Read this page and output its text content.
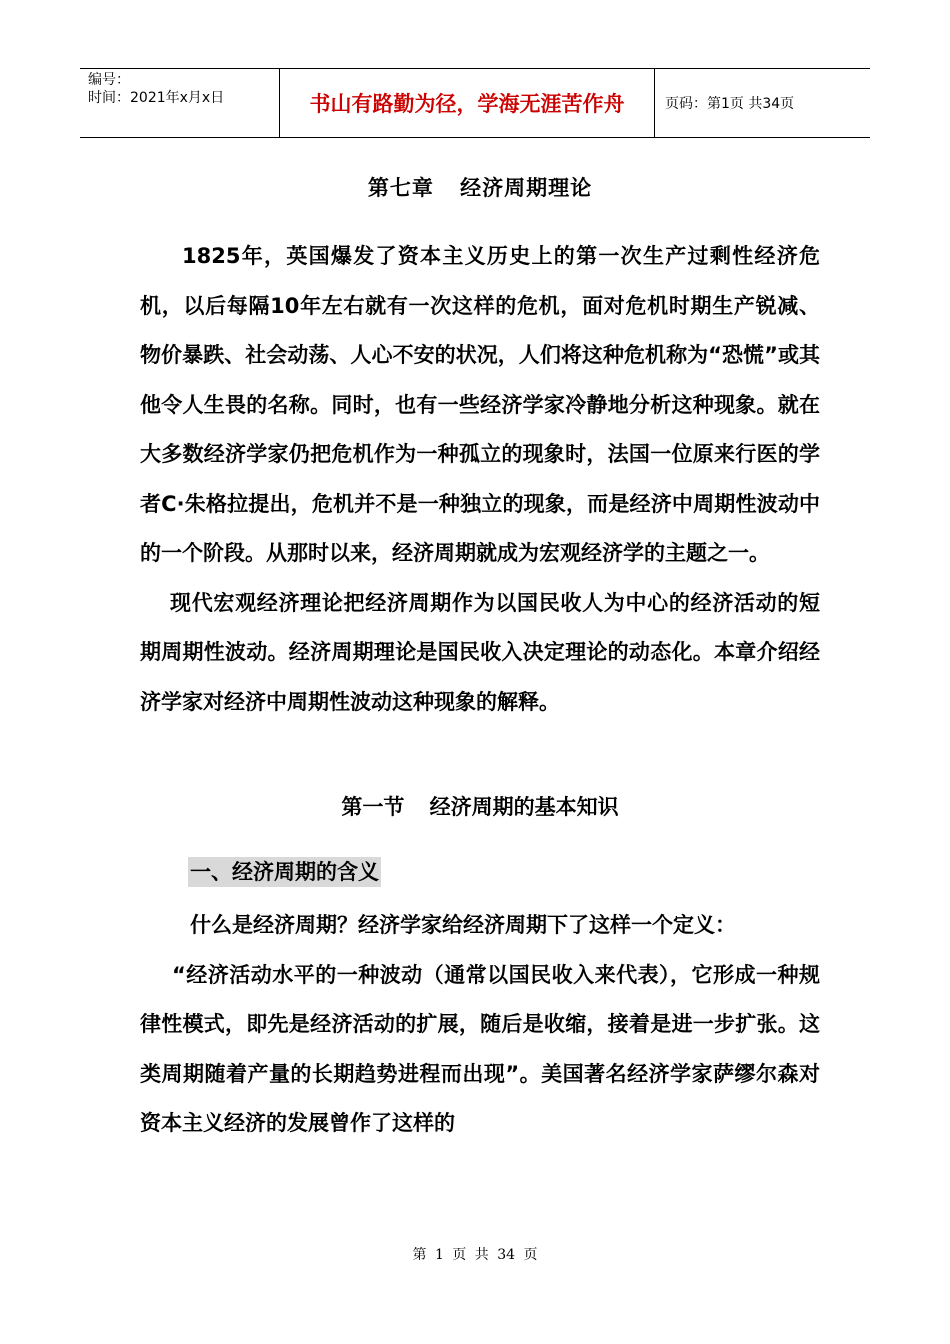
编号：
时间：2021年x月x日	书山有路勤为径，学海无涯苦作舟	页码：第1页 共34页
第七章 经济周期理论

1825年，英国爆发了资本主义历史上的第一次生产过剩性经济危机，以后每隔10年左右就有一次这样的危机，面对危机时期生产锐减、物价暴跌、社会动荡、人心不安的状况，人们将这种危机称为“恐慌”或其他令人生畏的名称。同时，也有一些经济学家冷静地分析这种现象。就在大多数经济学家仍把危机作为一种孤立的现象时，法国一位原来行医的学者C·朱格拉提出，危机并不是一种独立的现象，而是经济中周期性波动中的一个阶段。从那时以来，经济周期就成为宏观经济学的主题之一。

现代宏观经济理论把经济周期作为以国民收人为中心的经济活动的短期周期性波动。经济周期理论是国民收入决定理论的动态化。本章介绍经济学家对经济中周期性波动这种现象的解释。

第一节 经济周期的基本知识
一、经济周期的含义

什么是经济周期？经济学家给经济周期下了这样一个定义：

“经济活动水平的一种波动（通常以国民收入来代表），它形成一种规律性模式，即先是经济活动的扩展，随后是收缩，接着是进一步扩张。这类周期随着产量的长期趋势进程而出现”。美国著名经济学家萨缪尔森对资本主义经济的发展曾作了这样的

第 1 页 共 34 页
